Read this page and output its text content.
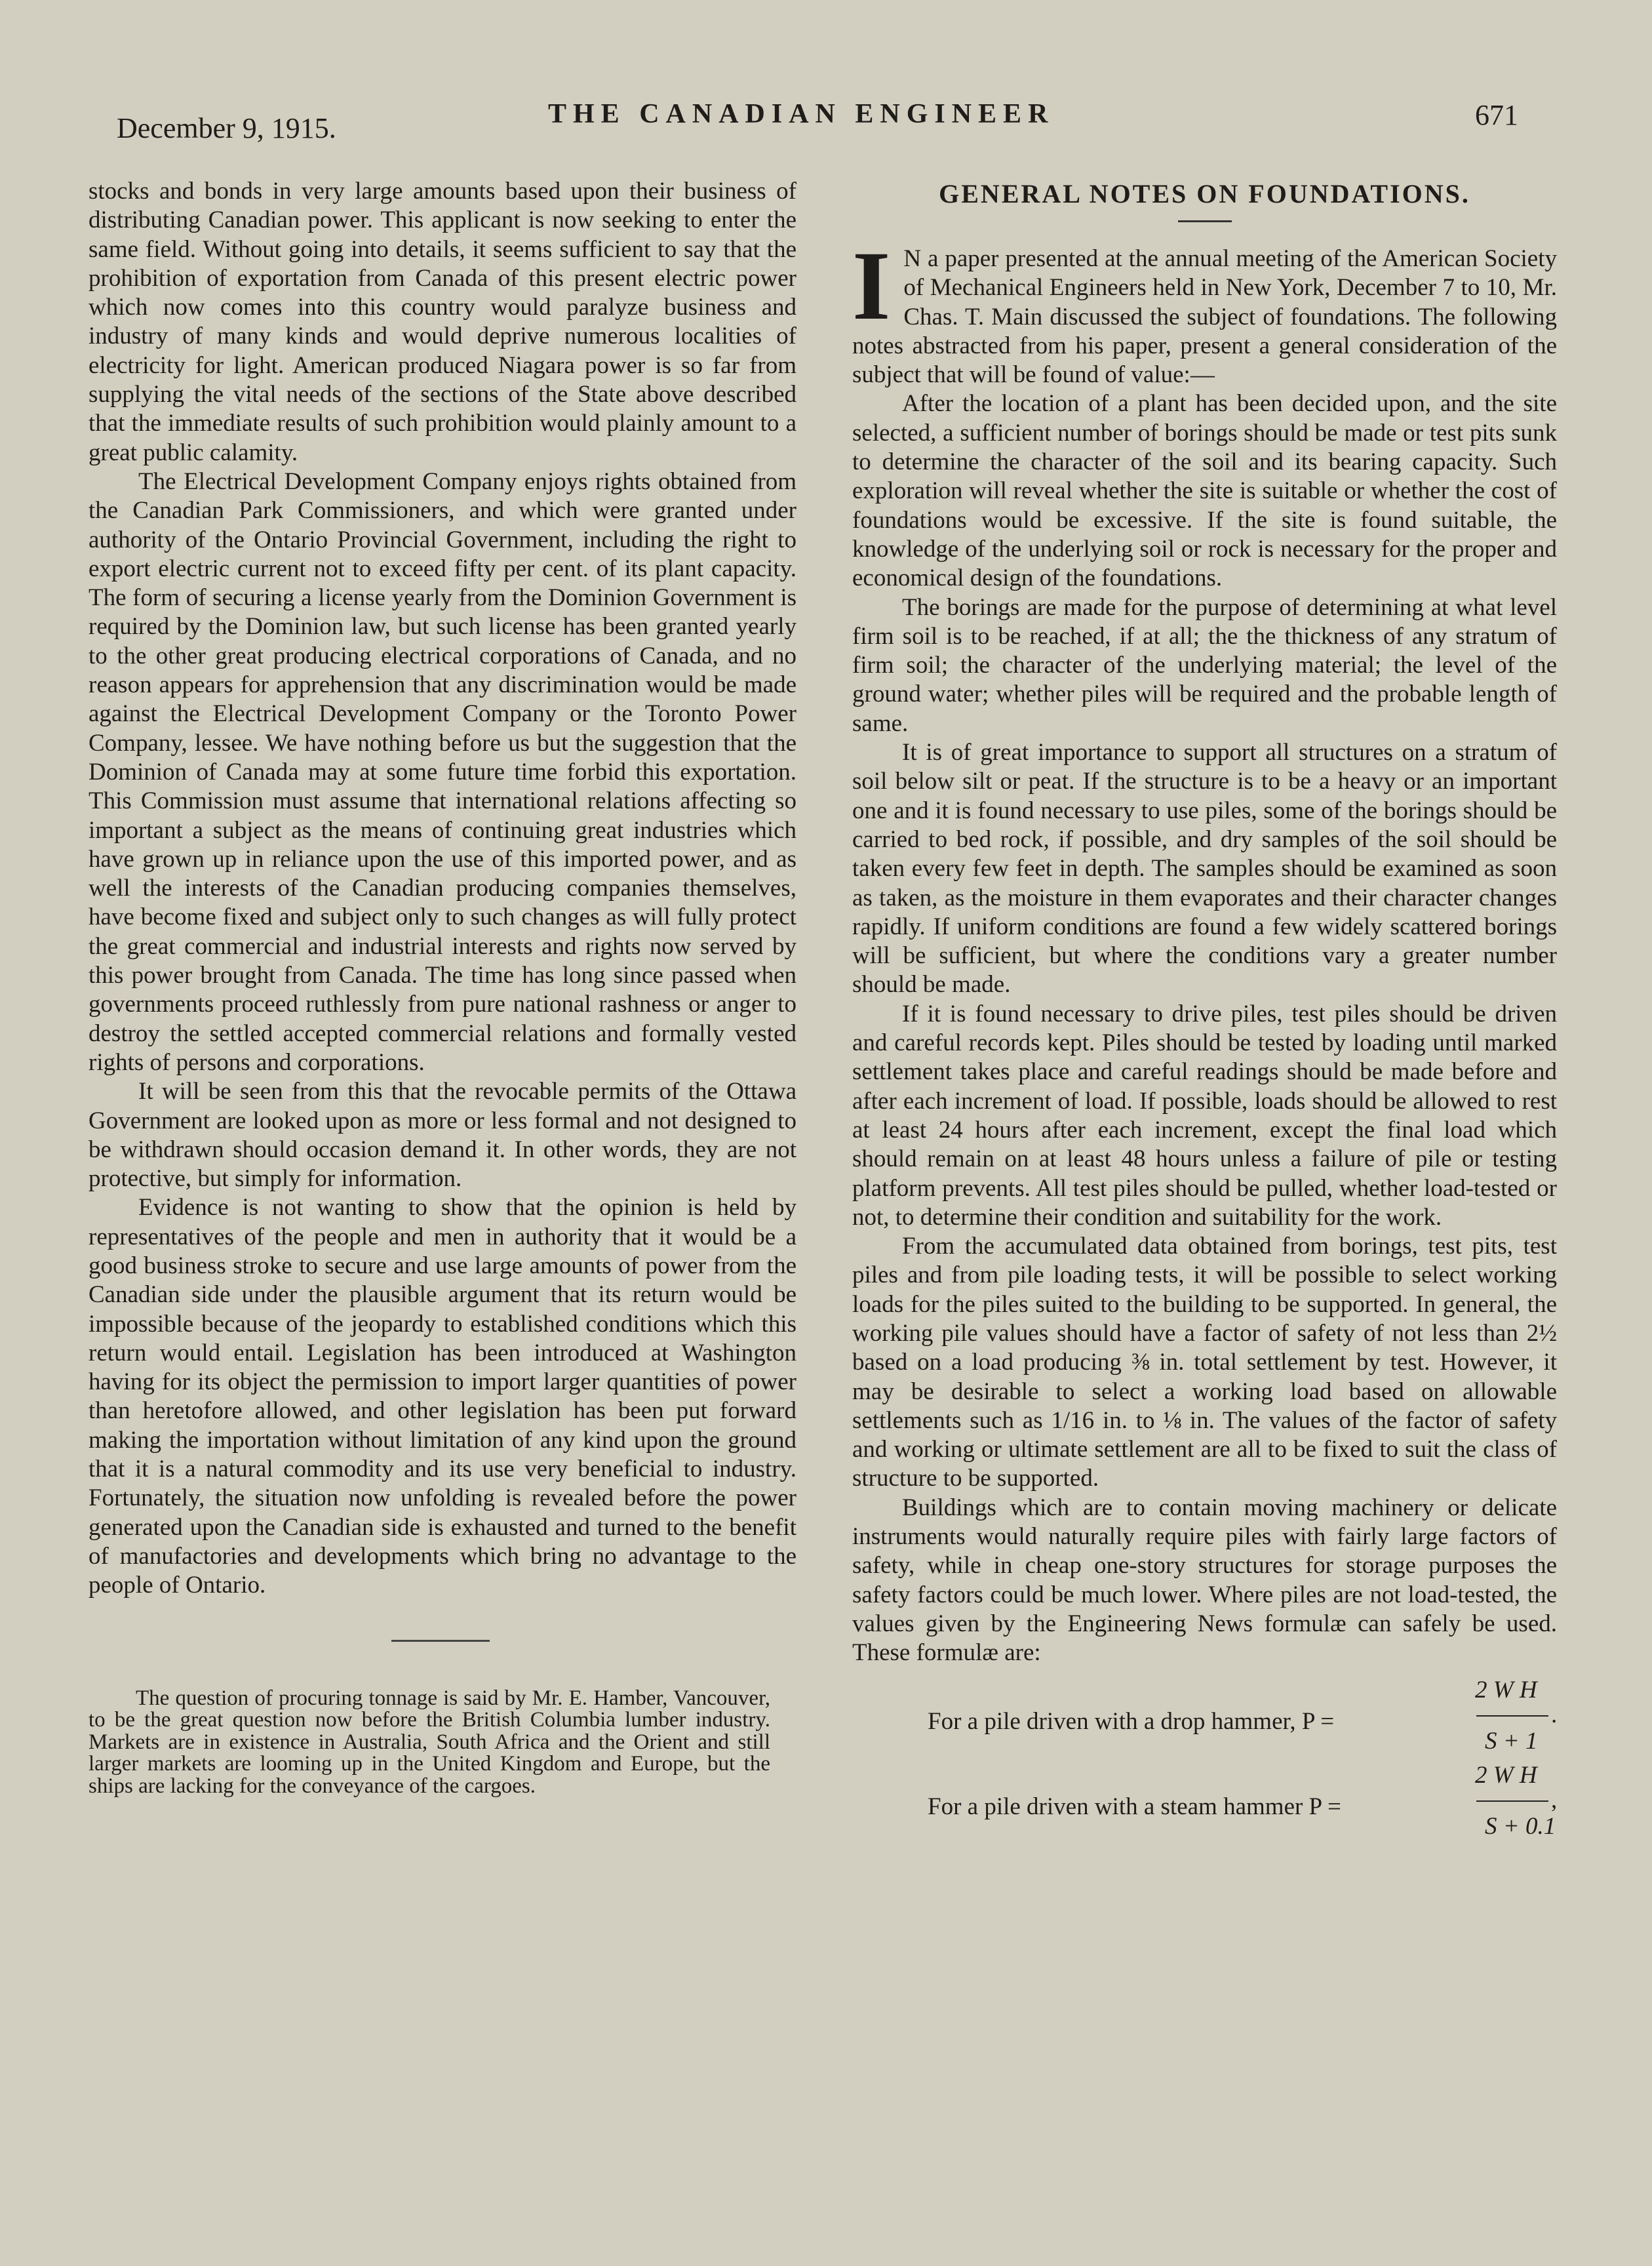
December 9, 1915.	THE CANADIAN ENGINEER	671

stocks and bonds in very large amounts based upon their business of distributing Canadian power. This applicant is now seeking to enter the same field. Without going into details, it seems sufficient to say that the prohibition of exportation from Canada of this present electric power which now comes into this country would paralyze business and industry of many kinds and would deprive numerous localities of electricity for light. American produced Niagara power is so far from supplying the vital needs of the sections of the State above described that the immediate results of such prohibition would plainly amount to a great public calamity.

The Electrical Development Company enjoys rights obtained from the Canadian Park Commissioners, and which were granted under authority of the Ontario Provincial Government, including the right to export electric current not to exceed fifty per cent. of its plant capacity. The form of securing a license yearly from the Dominion Government is required by the Dominion law, but such license has been granted yearly to the other great producing electrical corporations of Canada, and no reason appears for apprehension that any discrimination would be made against the Electrical Development Company or the Toronto Power Company, lessee. We have nothing before us but the suggestion that the Dominion of Canada may at some future time forbid this exportation. This Commission must assume that international relations affecting so important a subject as the means of continuing great industries which have grown up in reliance upon the use of this imported power, and as well the interests of the Canadian producing companies themselves, have become fixed and subject only to such changes as will fully protect the great commercial and industrial interests and rights now served by this power brought from Canada. The time has long since passed when governments proceed ruthlessly from pure national rashness or anger to destroy the settled accepted commercial relations and formally vested rights of persons and corporations.

It will be seen from this that the revocable permits of the Ottawa Government are looked upon as more or less formal and not designed to be withdrawn should occasion demand it. In other words, they are not protective, but simply for information.

Evidence is not wanting to show that the opinion is held by representatives of the people and men in authority that it would be a good business stroke to secure and use large amounts of power from the Canadian side under the plausible argument that its return would be impossible because of the jeopardy to established conditions which this return would entail. Legislation has been introduced at Washington having for its object the permission to import larger quantities of power than heretofore allowed, and other legislation has been put forward making the importation without limitation of any kind upon the ground that it is a natural commodity and its use very beneficial to industry. Fortunately, the situation now unfolding is revealed before the power generated upon the Canadian side is exhausted and turned to the benefit of manufactories and developments which bring no advantage to the people of Ontario.

The question of procuring tonnage is said by Mr. E. Hamber, Vancouver, to be the great question now before the British Columbia lumber industry. Markets are in existence in Australia, South Africa and the Orient and still larger markets are looming up in the United Kingdom and Europe, but the ships are lacking for the conveyance of the cargoes.

GENERAL NOTES ON FOUNDATIONS.

I N a paper presented at the annual meeting of the American Society of Mechanical Engineers held in New York, December 7 to 10, Mr. Chas. T. Main discussed the subject of foundations. The following notes abstracted from his paper, present a general consideration of the subject that will be found of value:—

After the location of a plant has been decided upon, and the site selected, a sufficient number of borings should be made or test pits sunk to determine the character of the soil and its bearing capacity. Such exploration will reveal whether the site is suitable or whether the cost of foundations would be excessive. If the site is found suitable, the knowledge of the underlying soil or rock is necessary for the proper and economical design of the foundations.

The borings are made for the purpose of determining at what level firm soil is to be reached, if at all; the the thickness of any stratum of firm soil; the character of the underlying material; the level of the ground water; whether piles will be required and the probable length of same.

It is of great importance to support all structures on a stratum of soil below silt or peat. If the structure is to be a heavy or an important one and it is found necessary to use piles, some of the borings should be carried to bed rock, if possible, and dry samples of the soil should be taken every few feet in depth. The samples should be examined as soon as taken, as the moisture in them evaporates and their character changes rapidly. If uniform conditions are found a few widely scattered borings will be sufficient, but where the conditions vary a greater number should be made.

If it is found necessary to drive piles, test piles should be driven and careful records kept. Piles should be tested by loading until marked settlement takes place and careful readings should be made before and after each increment of load. If possible, loads should be allowed to rest at least 24 hours after each increment, except the final load which should remain on at least 48 hours unless a failure of pile or testing platform prevents. All test piles should be pulled, whether load-tested or not, to determine their condition and suitability for the work.

From the accumulated data obtained from borings, test pits, test piles and from pile loading tests, it will be possible to select working loads for the piles suited to the building to be supported. In general, the working pile values should have a factor of safety of not less than 2½ based on a load producing ⅜ in. total settlement by test. However, it may be desirable to select a working load based on allowable settlements such as 1/16 in. to ⅛ in. The values of the factor of safety and working or ultimate settlement are all to be fixed to suit the class of structure to be supported.

Buildings which are to contain moving machinery or delicate instruments would naturally require piles with fairly large factors of safety, while in cheap one-story structures for storage purposes the safety factors could be much lower. Where piles are not load-tested, the values given by the Engineering News formulæ can safely be used. These formulæ are:

For a pile driven with a drop hammer, P =
2 W H
S + 1
.
For a pile driven with a steam hammer P =
2 W H
S + 0.1
,
